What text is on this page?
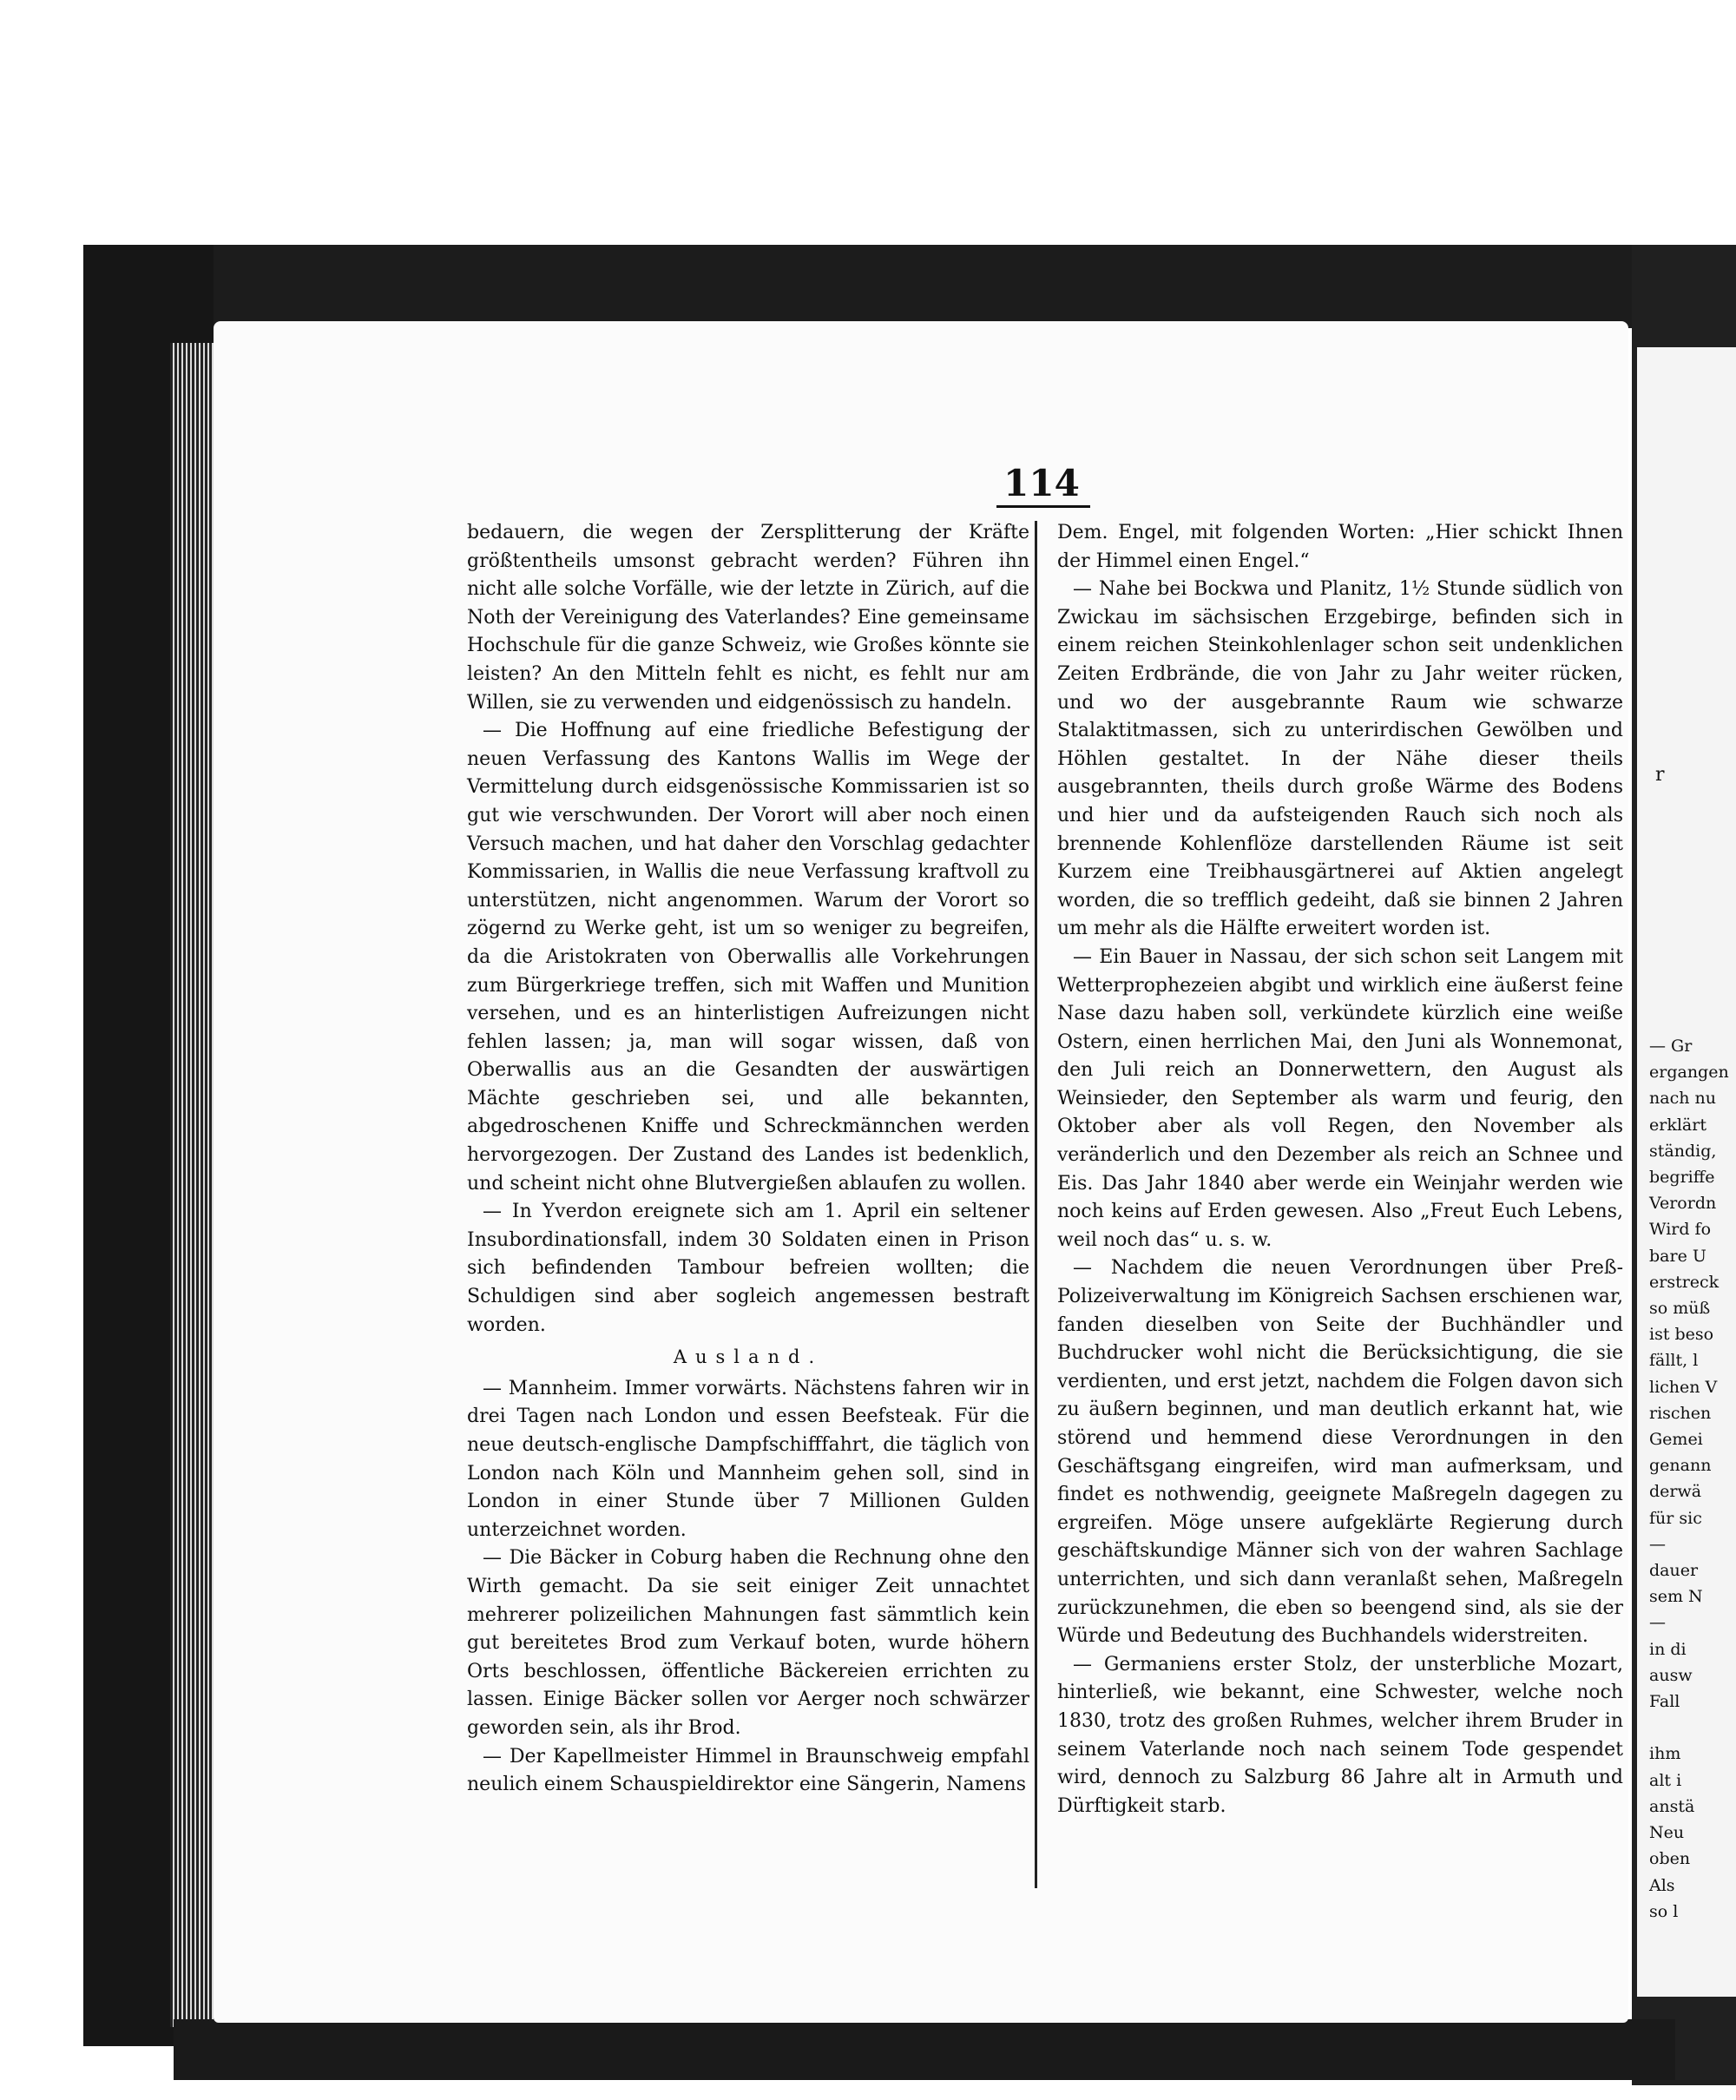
— Gr
ergangen
nach nu
erklärt
ständig,
begriffe
Verordn
Wird fo
bare U
erstreck
so müß
ist beso
fällt, l
lichen V
rischen
Gemei
genann
derwä
für sic
—
dauer
sem N
—
in di
ausw
Fall

ihm
alt i
anstä
Neu
oben
Als
so l
114

bedauern, die wegen der Zersplitterung der Kräfte größtentheils umsonst gebracht werden? Führen ihn nicht alle solche Vorfälle, wie der letzte in Zürich, auf die Noth der Vereinigung des Vaterlandes? Eine gemeinsame Hochschule für die ganze Schweiz, wie Großes könnte sie leisten? An den Mitteln fehlt es nicht, es fehlt nur am Willen, sie zu verwenden und eidgenössisch zu handeln.

— Die Hoffnung auf eine friedliche Befestigung der neuen Verfassung des Kantons Wallis im Wege der Vermittelung durch eidsgenössische Kommissarien ist so gut wie verschwunden. Der Vorort will aber noch einen Versuch machen, und hat daher den Vorschlag gedachter Kommissarien, in Wallis die neue Verfassung kraftvoll zu unterstützen, nicht angenommen. Warum der Vorort so zögernd zu Werke geht, ist um so weniger zu begreifen, da die Aristokraten von Oberwallis alle Vorkehrungen zum Bürgerkriege treffen, sich mit Waffen und Munition versehen, und es an hinterlistigen Aufreizungen nicht fehlen lassen; ja, man will sogar wissen, daß von Oberwallis aus an die Gesandten der auswärtigen Mächte geschrieben sei, und alle bekannten, abgedroschenen Kniffe und Schreckmännchen werden hervorgezogen. Der Zustand des Landes ist bedenklich, und scheint nicht ohne Blutvergießen ablaufen zu wollen.

— In Yverdon ereignete sich am 1. April ein seltener Insubordinationsfall, indem 30 Soldaten einen in Prison sich befindenden Tambour befreien wollten; die Schuldigen sind aber sogleich angemessen bestraft worden.

Ausland.

— Mannheim. Immer vorwärts. Nächstens fahren wir in drei Tagen nach London und essen Beefsteak. Für die neue deutsch-englische Dampfschifffahrt, die täglich von London nach Köln und Mannheim gehen soll, sind in London in einer Stunde über 7 Millionen Gulden unterzeichnet worden.

— Die Bäcker in Coburg haben die Rechnung ohne den Wirth gemacht. Da sie seit einiger Zeit unnachtet mehrerer polizeilichen Mahnungen fast sämmtlich kein gut bereitetes Brod zum Verkauf boten, wurde höhern Orts beschlossen, öffentliche Bäckereien errichten zu lassen. Einige Bäcker sollen vor Aerger noch schwärzer geworden sein, als ihr Brod.

— Der Kapellmeister Himmel in Braunschweig empfahl neulich einem Schauspieldirektor eine Sängerin, Namens

Dem. Engel, mit folgenden Worten: „Hier schickt Ihnen der Himmel einen Engel.“

— Nahe bei Bockwa und Planitz, 1½ Stunde südlich von Zwickau im sächsischen Erzgebirge, befinden sich in einem reichen Steinkohlenlager schon seit undenklichen Zeiten Erdbrände, die von Jahr zu Jahr weiter rücken, und wo der ausgebrannte Raum wie schwarze Stalaktitmassen, sich zu unterirdischen Gewölben und Höhlen gestaltet. In der Nähe dieser theils ausgebrannten, theils durch große Wärme des Bodens und hier und da aufsteigenden Rauch sich noch als brennende Kohlenflöze darstellenden Räume ist seit Kurzem eine Treibhausgärtnerei auf Aktien angelegt worden, die so trefflich gedeiht, daß sie binnen 2 Jahren um mehr als die Hälfte erweitert worden ist.

— Ein Bauer in Nassau, der sich schon seit Langem mit Wetterprophezeien abgibt und wirklich eine äußerst feine Nase dazu haben soll, verkündete kürzlich eine weiße Ostern, einen herrlichen Mai, den Juni als Wonnemonat, den Juli reich an Donnerwettern, den August als Weinsieder, den September als warm und feurig, den Oktober aber als voll Regen, den November als veränderlich und den Dezember als reich an Schnee und Eis. Das Jahr 1840 aber werde ein Weinjahr werden wie noch keins auf Erden gewesen. Also „Freut Euch Lebens, weil noch das“ u. s. w.

— Nachdem die neuen Verordnungen über Preß-Polizeiverwaltung im Königreich Sachsen erschienen war, fanden dieselben von Seite der Buchhändler und Buchdrucker wohl nicht die Berücksichtigung, die sie verdienten, und erst jetzt, nachdem die Folgen davon sich zu äußern beginnen, und man deutlich erkannt hat, wie störend und hemmend diese Verordnungen in den Geschäftsgang eingreifen, wird man aufmerksam, und findet es nothwendig, geeignete Maßregeln dagegen zu ergreifen. Möge unsere aufgeklärte Regierung durch geschäftskundige Männer sich von der wahren Sachlage unterrichten, und sich dann veranlaßt sehen, Maßregeln zurückzunehmen, die eben so beengend sind, als sie der Würde und Bedeutung des Buchhandels widerstreiten.

— Germaniens erster Stolz, der unsterbliche Mozart, hinterließ, wie bekannt, eine Schwester, welche noch 1830, trotz des großen Ruhmes, welcher ihrem Bruder in seinem Vaterlande noch nach seinem Tode gespendet wird, dennoch zu Salzburg 86 Jahre alt in Armuth und Dürftigkeit starb.

r
